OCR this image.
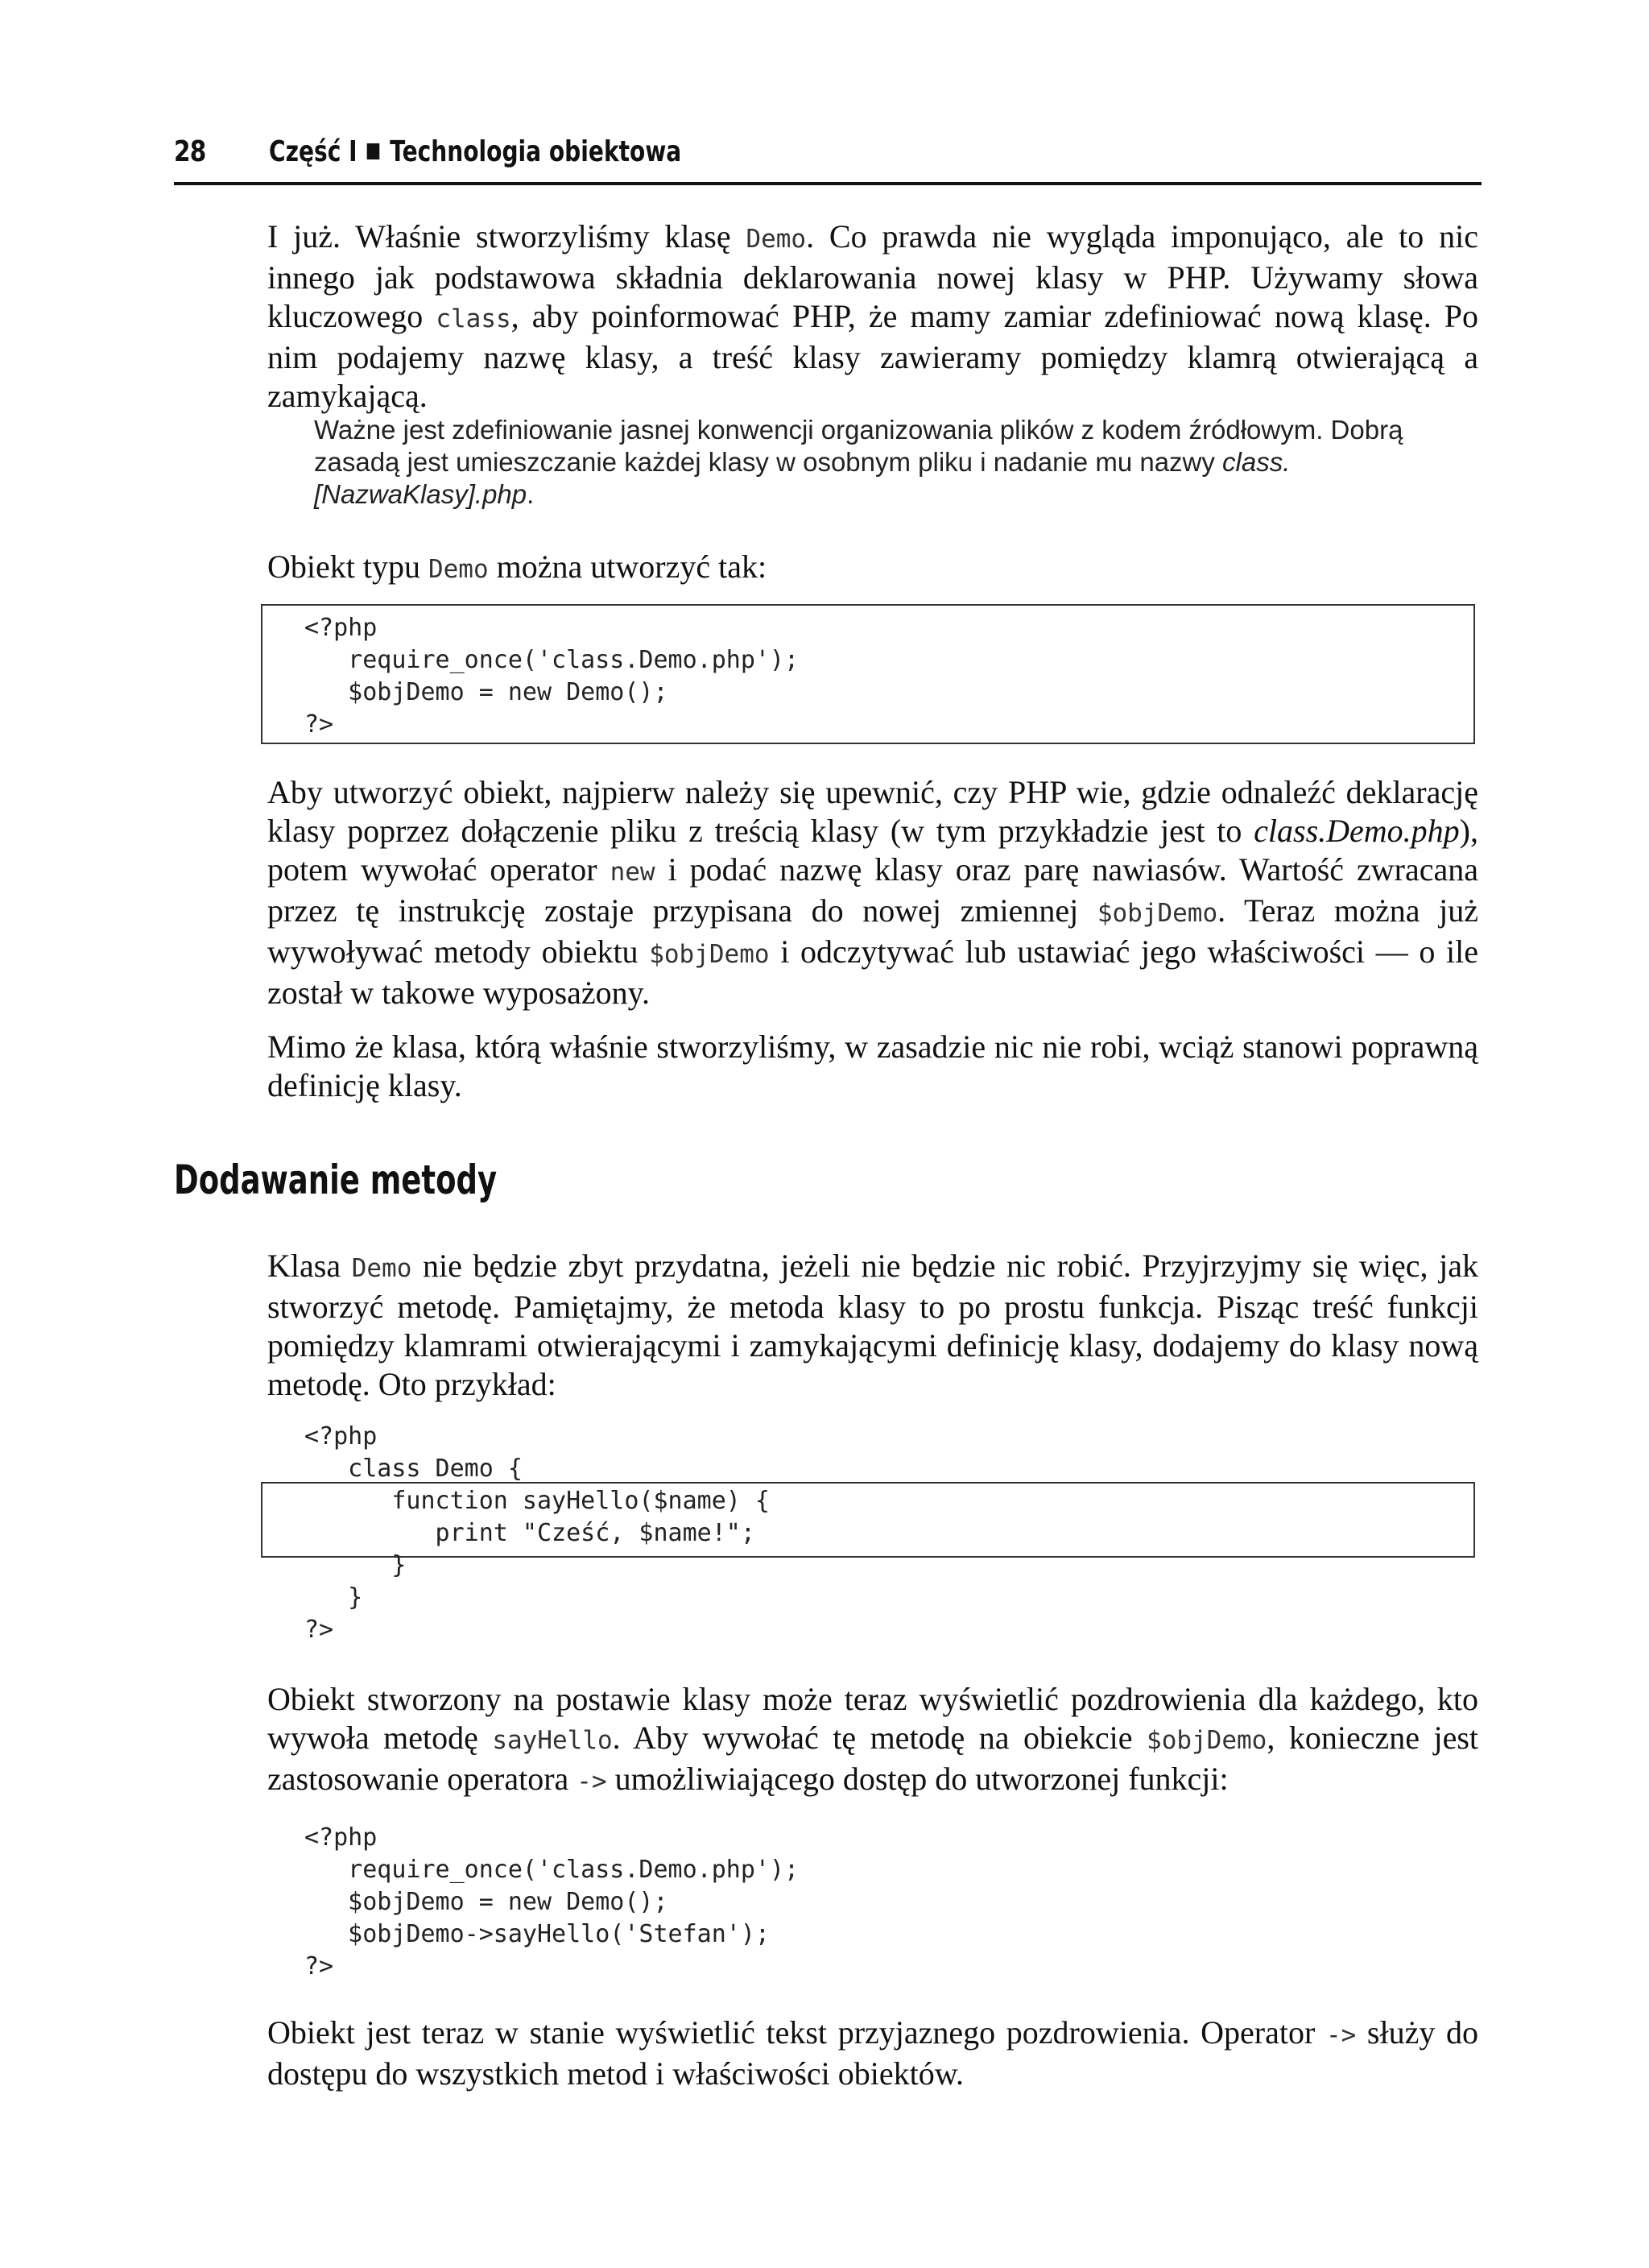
28 Część I Technologia obiektowa

I już. Właśnie stworzyliśmy klasę Demo. Co prawda nie wygląda imponująco, ale to nic innego jak podstawowa składnia deklarowania nowej klasy w PHP. Używamy słowa kluczowego class, aby poinformować PHP, że mamy zamiar zdefiniować nową klasę. Po nim podajemy nazwę klasy, a treść klasy zawieramy pomiędzy klamrą otwierającą a zamykającą.

Ważne jest zdefiniowanie jasnej konwencji organizowania plików z kodem źródłowym. Dobrą zasadą jest umieszczanie każdej klasy w osobnym pliku i nadanie mu nazwy class.[NazwaKlasy].php.

Obiekt typu Demo można utworzyć tak:

<?php
require_once('class.Demo.php');
$objDemo = new Demo();
?>

Aby utworzyć obiekt, najpierw należy się upewnić, czy PHP wie, gdzie odnaleźć deklarację klasy poprzez dołączenie pliku z treścią klasy (w tym przykładzie jest to class.Demo.php), potem wywołać operator new i podać nazwę klasy oraz parę nawiasów. Wartość zwracana przez tę instrukcję zostaje przypisana do nowej zmiennej $objDemo. Teraz można już wywoływać metody obiektu $objDemo i odczytywać lub ustawiać jego właściwości — o ile został w takowe wyposażony.

Mimo że klasa, którą właśnie stworzyliśmy, w zasadzie nic nie robi, wciąż stanowi poprawną definicję klasy.

Dodawanie metody

Klasa Demo nie będzie zbyt przydatna, jeżeli nie będzie nic robić. Przyjrzyjmy się więc, jak stworzyć metodę. Pamiętajmy, że metoda klasy to po prostu funkcja. Pisząc treść funkcji pomiędzy klamrami otwierającymi i zamykającymi definicję klasy, dodajemy do klasy nową metodę. Oto przykład:

<?php
class Demo {
function sayHello($name) {
print "Cześć, $name!";
}
}
?>

Obiekt stworzony na postawie klasy może teraz wyświetlić pozdrowienia dla każdego, kto wywoła metodę sayHello. Aby wywołać tę metodę na obiekcie $objDemo, konieczne jest zastosowanie operatora -> umożliwiającego dostęp do utworzonej funkcji:

<?php
require_once('class.Demo.php');
$objDemo = new Demo();
$objDemo->sayHello('Stefan');
?>

Obiekt jest teraz w stanie wyświetlić tekst przyjaznego pozdrowienia. Operator -> służy do dostępu do wszystkich metod i właściwości obiektów.
